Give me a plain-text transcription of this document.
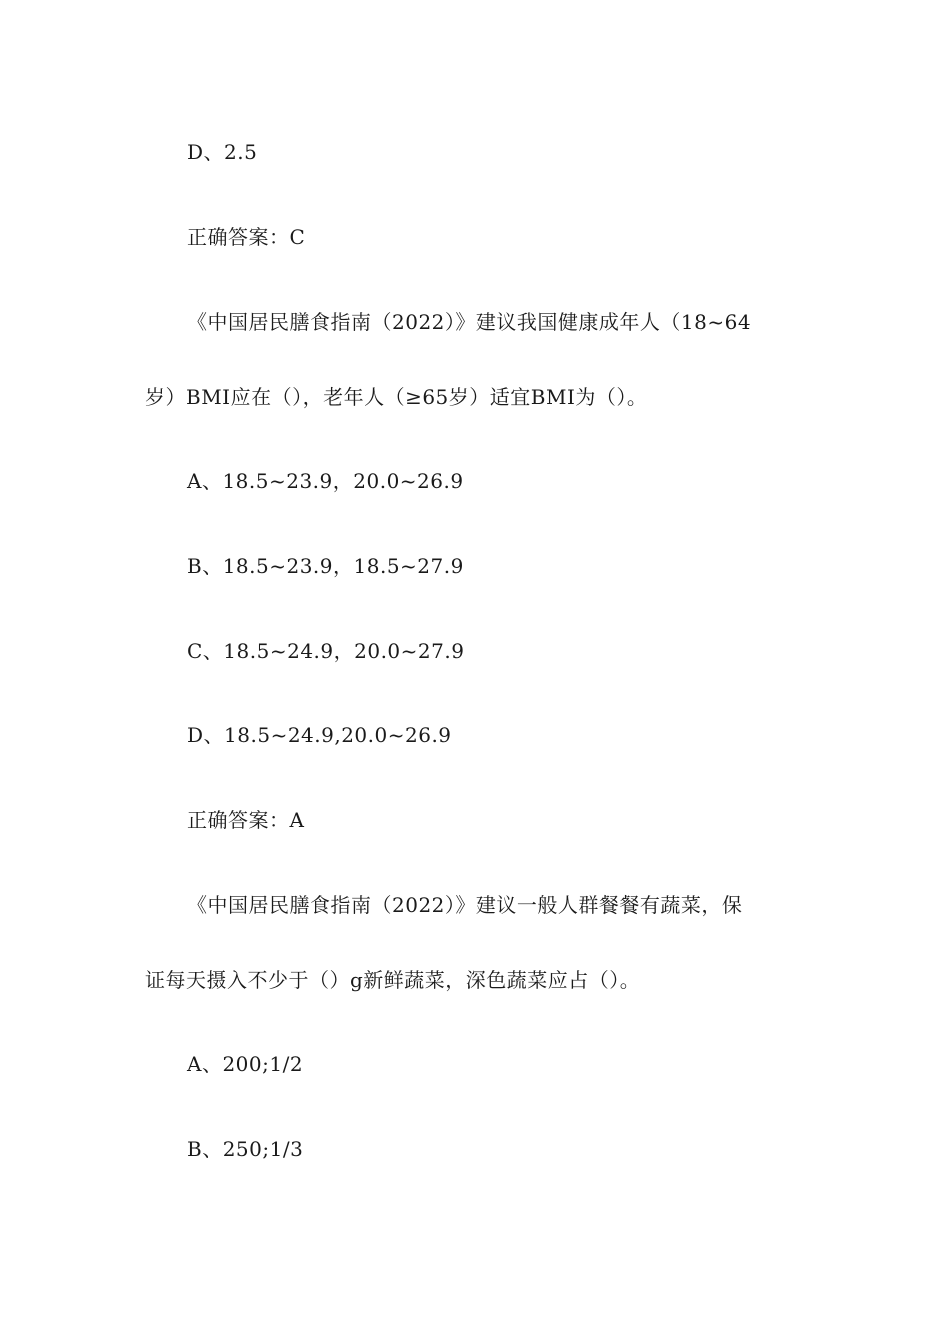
D、2.5
正确答案：C
《中国居民膳食指南（2022）》建议我国健康成年人（18~64
岁）BMI应在（），老年人（≥65岁）适宜BMI为（）。
A、18.5~23.9，20.0~26.9
B、18.5~23.9，18.5~27.9
C、18.5~24.9，20.0~27.9
D、18.5~24.9,20.0~26.9
正确答案：A
《中国居民膳食指南（2022）》建议一般人群餐餐有蔬菜，保
证每天摄入不少于（）g新鲜蔬菜，深色蔬菜应占（）。
A、200;1/2
B、250;1/3
